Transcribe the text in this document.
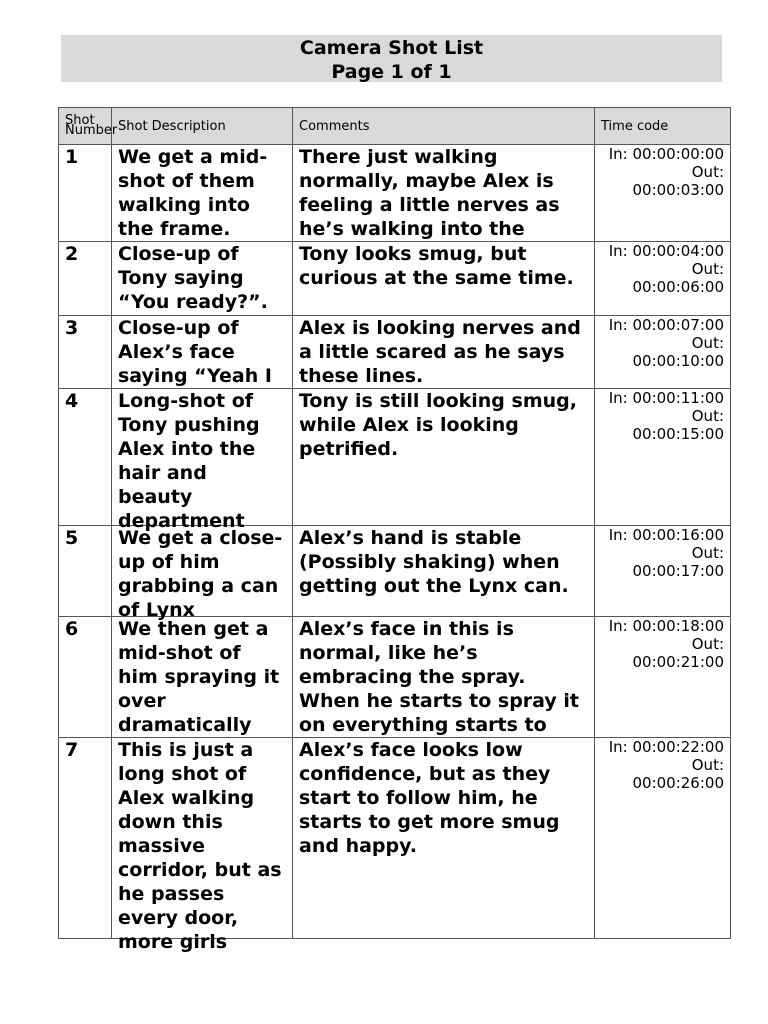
Camera Shot List
Page 1 of 1
Shot Number	Shot Description	Comments	Time code
1	We get a mid-shot of them walking into the frame.	There just walking normally, maybe Alex is feeling a little nerves as he’s walking into the	In: 00:00:00:00
Out: 00:00:03:00

2	Close-up of Tony saying “You ready?”.	Tony looks smug, but curious at the same time.	In: 00:00:04:00
Out: 00:00:06:00

3	Close-up of Alex’s face saying “Yeah I	Alex is looking nerves and a little scared as he says these lines.	In: 00:00:07:00
Out: 00:00:10:00

4	Long-shot of Tony pushing Alex into the hair and beauty department	Tony is still looking smug, while Alex is looking petrified.	In: 00:00:11:00
Out: 00:00:15:00

5	We get a close-up of him grabbing a can of Lynx	Alex’s hand is stable (Possibly shaking) when getting out the Lynx can.	In: 00:00:16:00
Out: 00:00:17:00

6	We then get a mid-shot of him spraying it over dramatically	Alex’s face in this is normal, like he’s embracing the spray. When he starts to spray it on everything starts to	In: 00:00:18:00
Out: 00:00:21:00

7	This is just a long shot of Alex walking down this massive corridor, but as he passes every door, more girls	Alex’s face looks low confidence, but as they start to follow him, he starts to get more smug and happy.	In: 00:00:22:00
Out: 00:00:26:00
